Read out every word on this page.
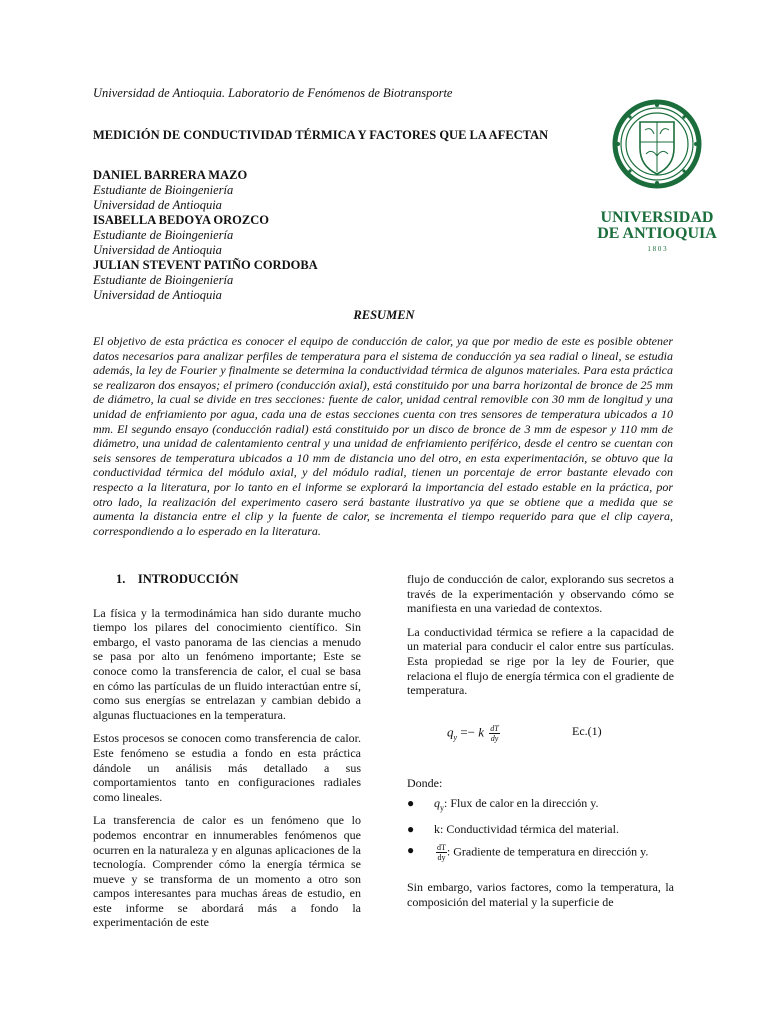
Universidad de Antioquia. Laboratorio de Fenómenos de Biotransporte
MEDICIÓN DE CONDUCTIVIDAD TÉRMICA Y FACTORES QUE LA AFECTAN
DANIEL BARRERA MAZO
Estudiante de Bioingeniería
Universidad de Antioquia
ISABELLA BEDOYA OROZCO
Estudiante de Bioingeniería
Universidad de Antioquia
JULIAN STEVENT PATIÑO CORDOBA
Estudiante de Bioingeniería
Universidad de Antioquia
UNIVERSIDAD
DE ANTIOQUIA
1 8 0 3
RESUMEN

El objetivo de esta práctica es conocer el equipo de conducción de calor, ya que por medio de este es posible obtener datos necesarios para analizar perfiles de temperatura para el sistema de conducción ya sea radial o lineal, se estudia además, la ley de Fourier y finalmente se determina la conductividad térmica de algunos materiales. Para esta práctica se realizaron dos ensayos; el primero (conducción axial), está constituido por una barra horizontal de bronce de 25 mm de diámetro, la cual se divide en tres secciones: fuente de calor, unidad central removible con 30 mm de longitud y una unidad de enfriamiento por agua, cada una de estas secciones cuenta con tres sensores de temperatura ubicados a 10 mm. El segundo ensayo (conducción radial) está constituido por un disco de bronce de 3 mm de espesor y 110 mm de diámetro, una unidad de calentamiento central y una unidad de enfriamiento periférico, desde el centro se cuentan con seis sensores de temperatura ubicados a 10 mm de distancia uno del otro, en esta experimentación, se obtuvo que la conductividad térmica del módulo axial, y del módulo radial, tienen un porcentaje de error bastante elevado con respecto a la literatura, por lo tanto en el informe se explorará la importancia del estado estable en la práctica, por otro lado, la realización del experimento casero será bastante ilustrativo ya que se obtiene que a medida que se aumenta la distancia entre el clip y la fuente de calor, se incrementa el tiempo requerido para que el clip cayera, correspondiendo a lo esperado en la literatura.

1.    INTRODUCCIÓN

La física y la termodinámica han sido durante mucho tiempo los pilares del conocimiento científico. Sin embargo, el vasto panorama de las ciencias a menudo se pasa por alto un fenómeno importante; Este se conoce como la transferencia de calor, el cual se basa en cómo las partículas de un fluido interactúan entre sí, como sus energías se entrelazan y cambian debido a algunas fluctuaciones en la temperatura.

Estos procesos se conocen como transferencia de calor. Este fenómeno se estudia a fondo en esta práctica dándole un análisis más detallado a sus comportamientos tanto en configuraciones radiales como lineales.

La transferencia de calor es un fenómeno que lo podemos encontrar en innumerables fenómenos que ocurren en la naturaleza y en algunas aplicaciones de la tecnología. Comprender cómo la energía térmica se mueve y se transforma de un momento a otro son campos interesantes para muchas áreas de estudio, en este informe se abordará más a fondo la experimentación de este

flujo de conducción de calor, explorando sus secretos a través de la experimentación y observando cómo se manifiesta en una variedad de contextos.

La conductividad térmica se refiere a la capacidad de un material para conducir el calor entre sus partículas. Esta propiedad se rige por la ley de Fourier, que relaciona el flujo de energía térmica con el gradiente de temperatura.

$q_y =- k \frac{dT}{dy}$	Ec.(1)

Donde:

● $q_y$: Flux de calor en la dirección y.
● k: Conductividad térmica del material.
●	$\frac{dT}{dy}$ : Gradiente de temperatura en dirección y.

Sin embargo, varios factores, como la temperatura, la composición del material y la superficie de
